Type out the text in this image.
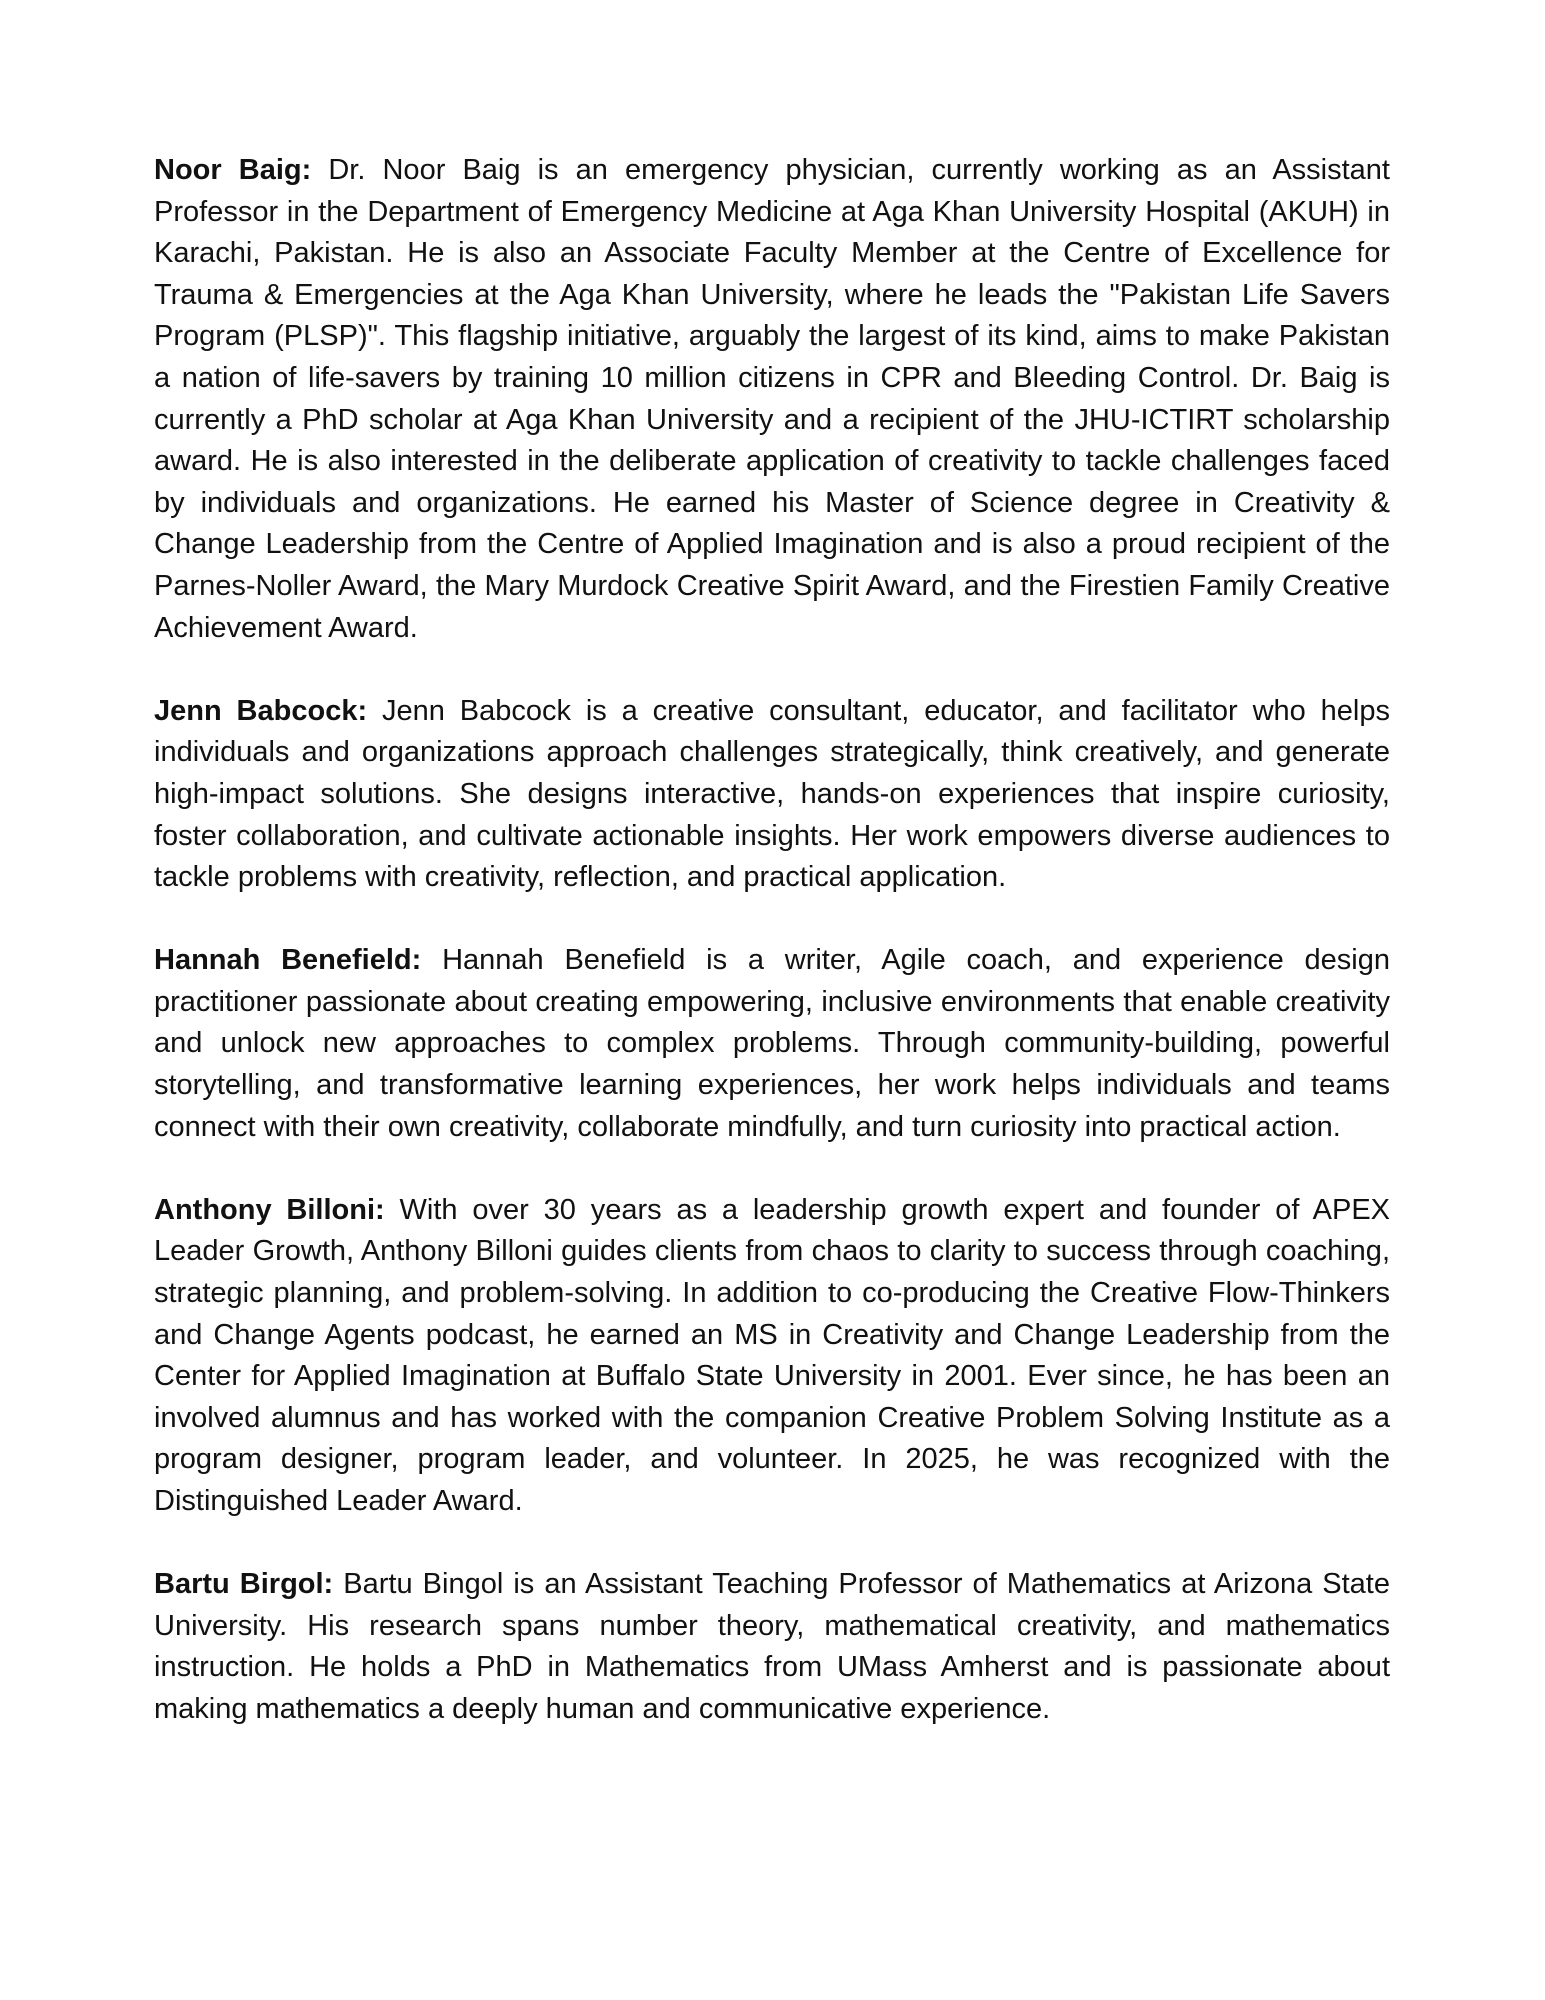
Noor Baig: Dr. Noor Baig is an emergency physician, currently working as an Assistant Professor in the Department of Emergency Medicine at Aga Khan University Hospital (AKUH) in Karachi, Pakistan. He is also an Associate Faculty Member at the Centre of Excellence for Trauma & Emergencies at the Aga Khan University, where he leads the "Pakistan Life Savers Program (PLSP)". This flagship initiative, arguably the largest of its kind, aims to make Pakistan a nation of life-savers by training 10 million citizens in CPR and Bleeding Control. Dr. Baig is currently a PhD scholar at Aga Khan University and a recipient of the JHU-ICTIRT scholarship award. He is also interested in the deliberate application of creativity to tackle challenges faced by individuals and organizations. He earned his Master of Science degree in Creativity & Change Leadership from the Centre of Applied Imagination and is also a proud recipient of the Parnes-Noller Award, the Mary Murdock Creative Spirit Award, and the Firestien Family Creative Achievement Award.

Jenn Babcock: Jenn Babcock is a creative consultant, educator, and facilitator who helps individuals and organizations approach challenges strategically, think creatively, and generate high-impact solutions. She designs interactive, hands-on experiences that inspire curiosity, foster collaboration, and cultivate actionable insights. Her work empowers diverse audiences to tackle problems with creativity, reflection, and practical application.

Hannah Benefield: Hannah Benefield is a writer, Agile coach, and experience design practitioner passionate about creating empowering, inclusive environments that enable creativity and unlock new approaches to complex problems. Through community-building, powerful storytelling, and transformative learning experiences, her work helps individuals and teams connect with their own creativity, collaborate mindfully, and turn curiosity into practical action.

Anthony Billoni: With over 30 years as a leadership growth expert and founder of APEX Leader Growth, Anthony Billoni guides clients from chaos to clarity to success through coaching, strategic planning, and problem-solving. In addition to co-producing the Creative Flow-Thinkers and Change Agents podcast, he earned an MS in Creativity and Change Leadership from the Center for Applied Imagination at Buffalo State University in 2001. Ever since, he has been an involved alumnus and has worked with the companion Creative Problem Solving Institute as a program designer, program leader, and volunteer. In 2025, he was recognized with the Distinguished Leader Award.

Bartu Birgol: Bartu Bingol is an Assistant Teaching Professor of Mathematics at Arizona State University. His research spans number theory, mathematical creativity, and mathematics instruction. He holds a PhD in Mathematics from UMass Amherst and is passionate about making mathematics a deeply human and communicative experience.
